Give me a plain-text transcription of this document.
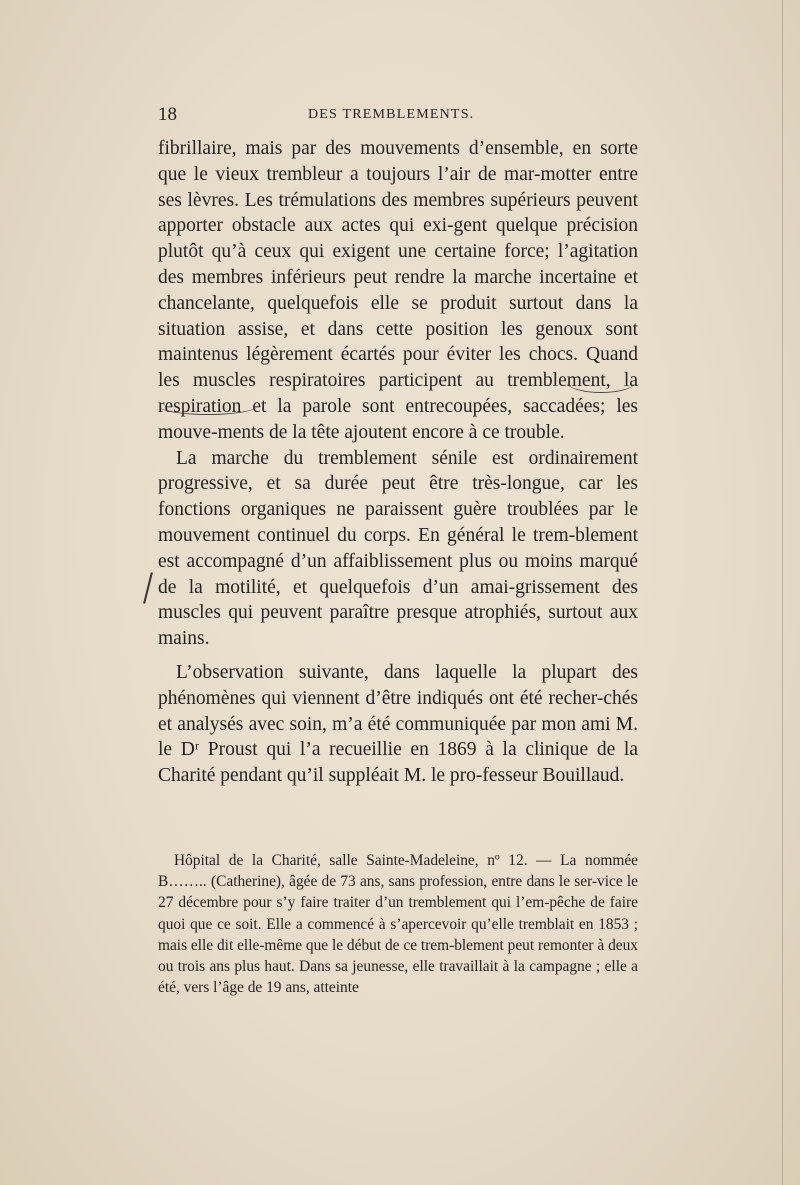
18	DES TREMBLEMENTS.

fibrillaire, mais par des mouvements d’ensemble, en sorte que le vieux trembleur a toujours l’air de mar-motter entre ses lèvres. Les trémulations des membres supérieurs peuvent apporter obstacle aux actes qui exi-gent quelque précision plutôt qu’à ceux qui exigent une certaine force; l’agitation des membres inférieurs peut rendre la marche incertaine et chancelante, quelquefois elle se produit surtout dans la situation assise, et dans cette position les genoux sont maintenus légèrement écartés pour éviter les chocs. Quand les muscles respiratoires participent au tremblement, la respiration et la parole sont entrecoupées, saccadées; les mouve-ments de la tête ajoutent encore à ce trouble.

La marche du tremblement sénile est ordinairement progressive, et sa durée peut être très-longue, car les fonctions organiques ne paraissent guère troublées par le mouvement continuel du corps. En général le trem-blement est accompagné d’un affaiblissement plus ou moins marqué de la motilité, et quelquefois d’un amai-grissement des muscles qui peuvent paraître presque atrophiés, surtout aux mains.

L’observation suivante, dans laquelle la plupart des phénomènes qui viennent d’être indiqués ont été recher-chés et analysés avec soin, m’a été communiquée par mon ami M. le Dʳ Proust qui l’a recueillie en 1869 à la clinique de la Charité pendant qu’il suppléait M. le pro-fesseur Bouillaud.

Hôpital de la Charité, salle Sainte-Madeleine, nº 12. — La nommée B…….. (Catherine), âgée de 73 ans, sans profession, entre dans le ser-vice le 27 décembre pour s’y faire traiter d’un tremblement qui l’em-pêche de faire quoi que ce soit. Elle a commencé à s’apercevoir qu’elle tremblait en 1853 ; mais elle dit elle-même que le début de ce trem-blement peut remonter à deux ou trois ans plus haut. Dans sa jeunesse, elle travaillait à la campagne ; elle a été, vers l’âge de 19 ans, atteinte
